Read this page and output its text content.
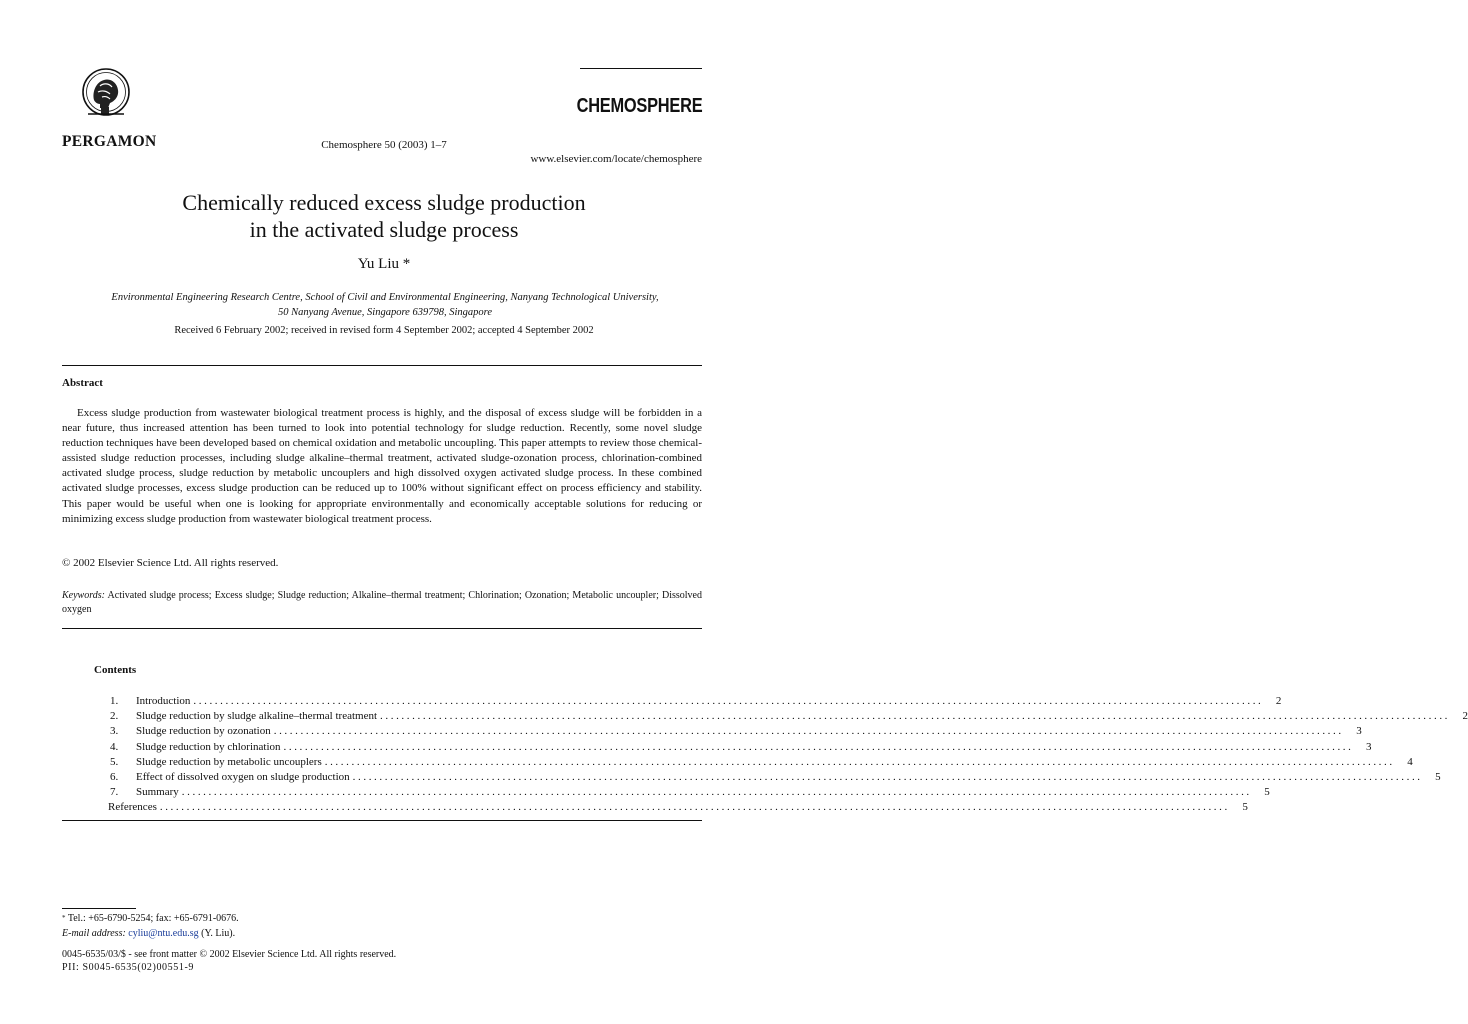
PERGAMON	Chemosphere 50 (2003) 1–7
CHEMOSPHERE
www.elsevier.com/locate/chemosphere
Chemically reduced excess sludge production
in the activated sludge process
Yu Liu *
Environmental Engineering Research Centre, School of Civil and Environmental Engineering, Nanyang Technological University,
50 Nanyang Avenue, Singapore 639798, Singapore
Received 6 February 2002; received in revised form 4 September 2002; accepted 4 September 2002
Abstract

Excess sludge production from wastewater biological treatment process is highly, and the disposal of excess sludge will be forbidden in a near future, thus increased attention has been turned to look into potential technology for sludge reduction. Recently, some novel sludge reduction techniques have been developed based on chemical oxidation and metabolic uncoupling. This paper attempts to review those chemical-assisted sludge reduction processes, including sludge alkaline–thermal treatment, activated sludge-ozonation process, chlorination-combined activated sludge process, sludge reduction by metabolic uncouplers and high dissolved oxygen activated sludge process. In these combined activated sludge processes, excess sludge production can be reduced up to 100% without significant effect on process efficiency and stability. This paper would be useful when one is looking for appropriate environmentally and economically acceptable solutions for reducing or minimizing excess sludge production from wastewater biological treatment process.

© 2002 Elsevier Science Ltd. All rights reserved.
Keywords: Activated sludge process; Excess sludge; Sludge reduction; Alkaline–thermal treatment; Chlorination; Ozonation; Metabolic uncoupler; Dissolved oxygen
Contents
1.	Introduction ........................................................................................................................................................................................................	2
2.	Sludge reduction by sludge alkaline–thermal treatment ........................................................................................................................................................................................................	2
3.	Sludge reduction by ozonation ........................................................................................................................................................................................................	3
4.	Sludge reduction by chlorination ........................................................................................................................................................................................................	3
5.	Sludge reduction by metabolic uncouplers ........................................................................................................................................................................................................	4
6.	Effect of dissolved oxygen on sludge production ........................................................................................................................................................................................................	5
7.	Summary ........................................................................................................................................................................................................	5
References ........................................................................................................................................................................................................	5
* Tel.: +65-6790-5254; fax: +65-6791-0676.
E-mail address: cyliu@ntu.edu.sg (Y. Liu).
0045-6535/03/$ - see front matter © 2002 Elsevier Science Ltd. All rights reserved.
PII: S0045-6535(02)00551-9
